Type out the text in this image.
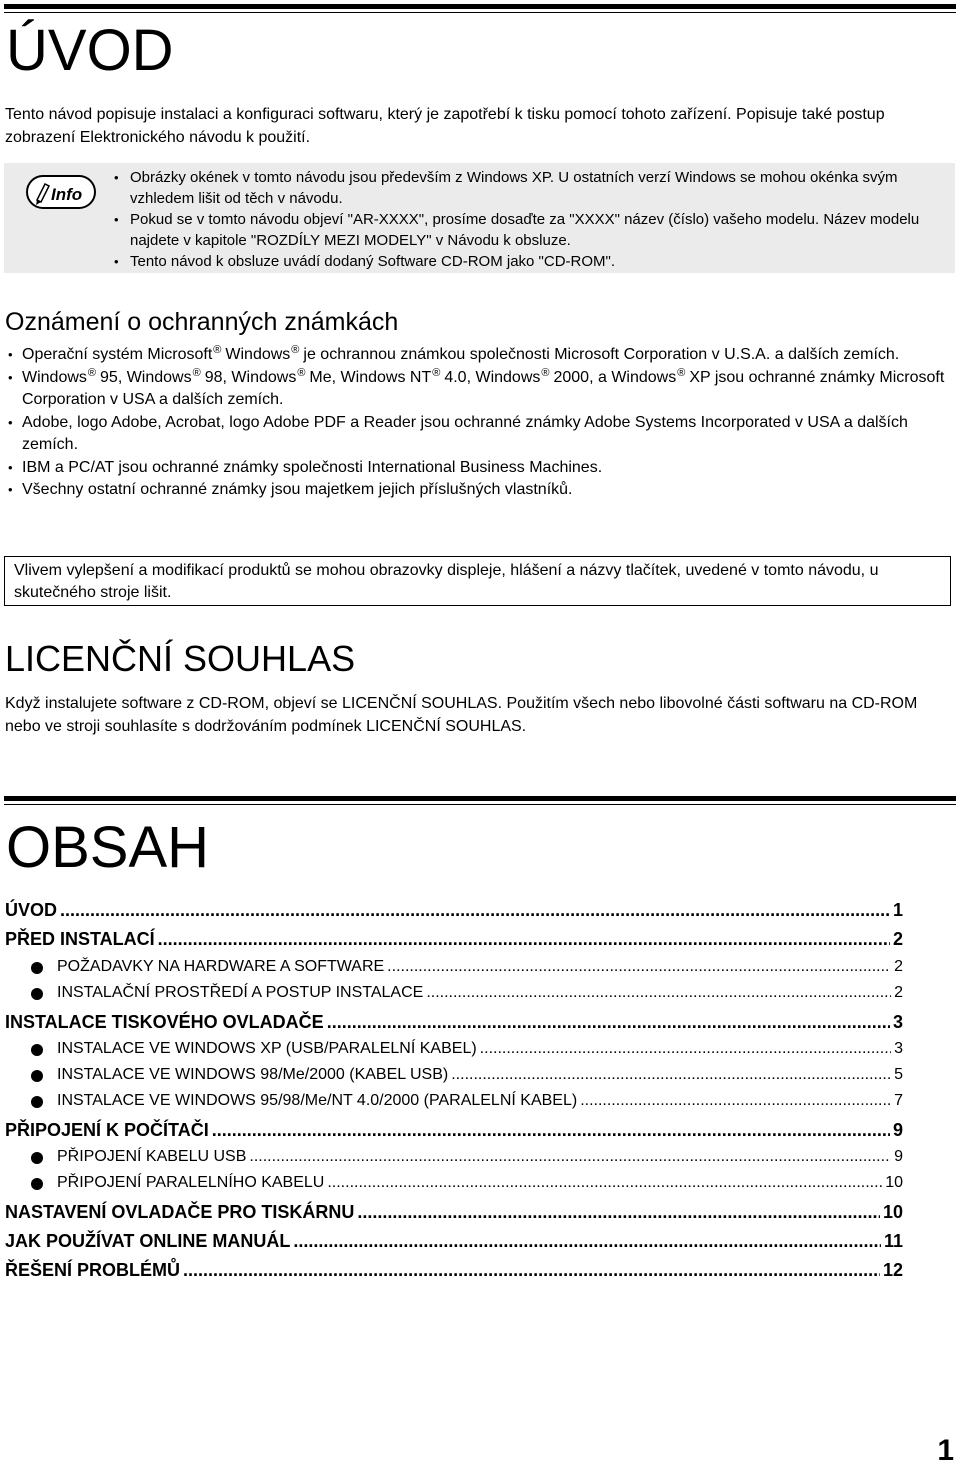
ÚVOD

Tento návod popisuje instalaci a konfiguraci softwaru, který je zapotřebí k tisku pomocí tohoto zařízení. Popisuje také postup zobrazení Elektronického návodu k použití.

Info
• Obrázky okének v tomto návodu jsou především z Windows XP. U ostatních verzí Windows se mohou okénka svým vzhledem lišit od těch v návodu.
• Pokud se v tomto návodu objeví "AR-XXXX", prosíme dosaďte za "XXXX" název (číslo) vašeho modelu. Název modelu najdete v kapitole "ROZDÍLY MEZI MODELY" v Návodu k obsluze.
• Tento návod k obsluze uvádí dodaný Software CD-ROM jako "CD-ROM".
Oznámení o ochranných známkách
• Operační systém Microsoft® Windows® je ochrannou známkou společnosti Microsoft Corporation v U.S.A. a dalších zemích.
• Windows® 95, Windows® 98, Windows® Me, Windows NT® 4.0, Windows® 2000, a Windows® XP jsou ochranné známky Microsoft Corporation v USA a dalších zemích.
• Adobe, logo Adobe, Acrobat, logo Adobe PDF a Reader jsou ochranné známky Adobe Systems Incorporated v USA a dalších zemích.
• IBM a PC/AT jsou ochranné známky společnosti International Business Machines.
• Všechny ostatní ochranné známky jsou majetkem jejich příslušných vlastníků.
Vlivem vylepšení a modifikací produktů se mohou obrazovky displeje, hlášení a názvy tlačítek, uvedené v tomto návodu, u skutečného stroje lišit.
LICENČNÍ SOUHLAS

Když instalujete software z CD-ROM, objeví se LICENČNÍ SOUHLAS. Použitím všech nebo libovolné části softwaru na CD-ROM nebo ve stroji souhlasíte s dodržováním podmínek LICENČNÍ SOUHLAS.

OBSAH
ÚVOD .....	1
PŘED INSTALACÍ .....	2
POŽADAVKY NA HARDWARE A SOFTWARE .....	2
INSTALAČNÍ PROSTŘEDÍ A POSTUP INSTALACE .....	2
INSTALACE TISKOVÉHO OVLADAČE .....	3
INSTALACE VE WINDOWS XP (USB/PARALELNÍ KABEL) .....	3
INSTALACE VE WINDOWS 98/Me/2000 (KABEL USB) .....	5
INSTALACE VE WINDOWS 95/98/Me/NT 4.0/2000 (PARALELNÍ KABEL) .....	7
PŘIPOJENÍ K POČÍTAČI .....	9
PŘIPOJENÍ KABELU USB .....	9
PŘIPOJENÍ PARALELNÍHO KABELU .....	10
NASTAVENÍ OVLADAČE PRO TISKÁRNU .....	10
JAK POUŽÍVAT ONLINE MANUÁL .....	11
ŘEŠENÍ PROBLÉMŮ .....	12
1
